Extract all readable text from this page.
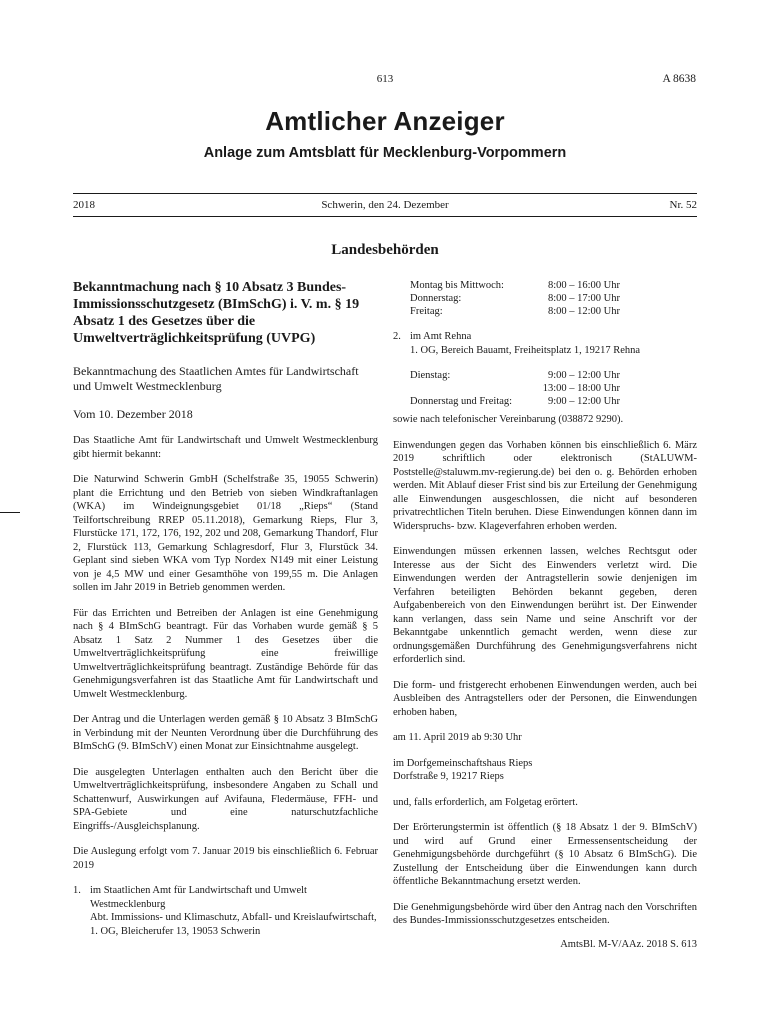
613	A 8638
Amtlicher Anzeiger
Anlage zum Amtsblatt für Mecklenburg-Vorpommern
2018	Schwerin, den 24. Dezember	Nr. 52
Landesbehörden

Bekanntmachung nach § 10 Absatz 3 Bundes-Immissionsschutzgesetz (BImSchG) i. V. m. § 19 Absatz 1 des Gesetzes über die Umweltverträglichkeitsprüfung (UVPG)

Bekanntmachung des Staatlichen Amtes für Landwirtschaft und Umwelt Westmecklenburg

Vom 10. Dezember 2018

Das Staatliche Amt für Landwirtschaft und Umwelt Westmecklenburg gibt hiermit bekannt:

Die Naturwind Schwerin GmbH (Schelfstraße 35, 19055 Schwerin) plant die Errichtung und den Betrieb von sieben Windkraftanlagen (WKA) im Windeignungsgebiet 01/18 „Rieps“ (Stand Teilfortschreibung RREP 05.11.2018), Gemarkung Rieps, Flur 3, Flurstücke 171, 172, 176, 192, 202 und 208, Gemarkung Thandorf, Flur 2, Flurstück 113, Gemarkung Schlagresdorf, Flur 3, Flurstück 34. Geplant sind sieben WKA vom Typ Nordex N149 mit einer Leistung von je 4,5 MW und einer Gesamthöhe von 199,55 m. Die Anlagen sollen im Jahr 2019 in Betrieb genommen werden.

Für das Errichten und Betreiben der Anlagen ist eine Genehmigung nach § 4 BImSchG beantragt. Für das Vorhaben wurde gemäß § 5 Absatz 1 Satz 2 Nummer 1 des Gesetzes über die Umweltverträglichkeitsprüfung eine freiwillige Umweltverträglichkeitsprüfung beantragt. Zuständige Behörde für das Genehmigungsverfahren ist das Staatliche Amt für Landwirtschaft und Umwelt Westmecklenburg.

Der Antrag und die Unterlagen werden gemäß § 10 Absatz 3 BImSchG in Verbindung mit der Neunten Verordnung über die Durchführung des BImSchG (9. BImSchV) einen Monat zur Einsichtnahme ausgelegt.

Die ausgelegten Unterlagen enthalten auch den Bericht über die Umweltverträglichkeitsprüfung, insbesondere Angaben zu Schall und Schattenwurf, Auswirkungen auf Avifauna, Fledermäuse, FFH- und SPA-Gebiete und eine naturschutzfachliche Eingriffs-/Ausgleichsplanung.

Die Auslegung erfolgt vom 7. Januar 2019 bis einschließlich 6. Februar 2019

1. im Staatlichen Amt für Landwirtschaft und Umwelt Westmecklenburg

Abt. Immissions- und Klimaschutz, Abfall- und Kreislaufwirtschaft, 1. OG, Bleicherufer 13, 19053 Schwerin

Montag bis Mittwoch:	8:00 – 16:00 Uhr
Donnerstag:	8:00 – 17:00 Uhr
Freitag:	8:00 – 12:00 Uhr
2. im Amt Rehna

1. OG, Bereich Bauamt, Freiheitsplatz 1, 19217 Rehna

Dienstag:	9:00 – 12:00 Uhr
	13:00 – 18:00 Uhr
Donnerstag und Freitag:	9:00 – 12:00 Uhr

sowie nach telefonischer Vereinbarung (038872 9290).

Einwendungen gegen das Vorhaben können bis einschließlich 6. März 2019 schriftlich oder elektronisch (StALUWM-Poststelle@staluwm.mv-regierung.de) bei den o. g. Behörden erhoben werden. Mit Ablauf dieser Frist sind bis zur Erteilung der Genehmigung alle Einwendungen ausgeschlossen, die nicht auf besonderen privatrechtlichen Titeln beruhen. Diese Einwendungen können dann im Widerspruchs- bzw. Klageverfahren erhoben werden.

Einwendungen müssen erkennen lassen, welches Rechtsgut oder Interesse aus der Sicht des Einwenders verletzt wird. Die Einwendungen werden der Antragstellerin sowie denjenigen im Verfahren beteiligten Behörden bekannt gegeben, deren Aufgabenbereich von den Einwendungen berührt ist. Der Einwender kann verlangen, dass sein Name und seine Anschrift vor der Bekanntgabe unkenntlich gemacht werden, wenn diese zur ordnungsgemäßen Durchführung des Genehmigungsverfahrens nicht erforderlich sind.

Die form- und fristgerecht erhobenen Einwendungen werden, auch bei Ausbleiben des Antragstellers oder der Personen, die Einwendungen erhoben haben,

am 11. April 2019 ab 9:30 Uhr

im Dorfgemeinschaftshaus Rieps

Dorfstraße 9, 19217 Rieps

und, falls erforderlich, am Folgetag erörtert.

Der Erörterungstermin ist öffentlich (§ 18 Absatz 1 der 9. BImSchV) und wird auf Grund einer Ermessensentscheidung der Genehmigungsbehörde durchgeführt (§ 10 Absatz 6 BImSchG). Die Zustellung der Entscheidung über die Einwendungen kann durch öffentliche Bekanntmachung ersetzt werden.

Die Genehmigungsbehörde wird über den Antrag nach den Vorschriften des Bundes-Immissionsschutzgesetzes entscheiden.

AmtsBl. M-V/AAz. 2018 S. 613
